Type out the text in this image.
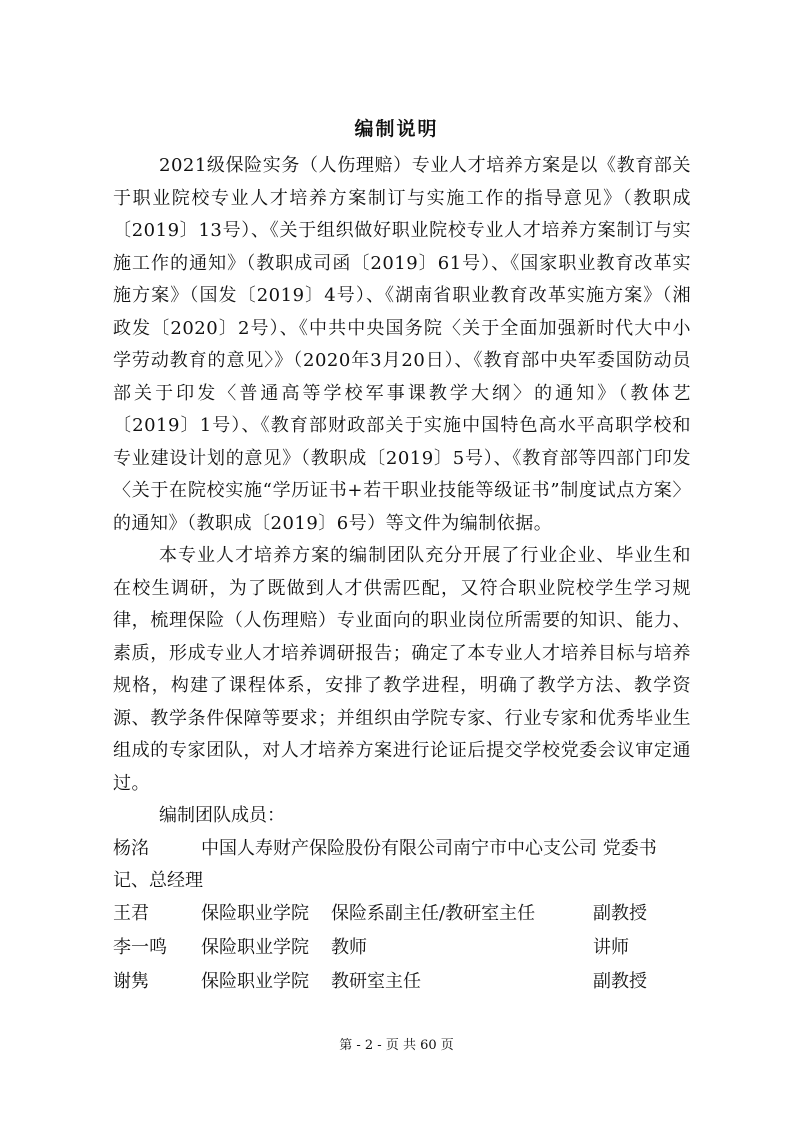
编制说明

2021级保险实务（人伤理赔）专业人才培养方案是以《教育部关于职业院校专业人才培养方案制订与实施工作的指导意见》（教职成〔2019〕13号）、《关于组织做好职业院校专业人才培养方案制订与实施工作的通知》（教职成司函〔2019〕61号）、《国家职业教育改革实施方案》（国发〔2019〕4号）、《湖南省职业教育改革实施方案》（湘政发〔2020〕2号）、《中共中央国务院〈关于全面加强新时代大中小学劳动教育的意见〉》（2020年3月20日）、《教育部中央军委国防动员部关于印发〈普通高等学校军事课教学大纲〉的通知》（教体艺〔2019〕1号）、《教育部财政部关于实施中国特色高水平高职学校和专业建设计划的意见》（教职成〔2019〕5号）、《教育部等四部门印发〈关于在院校实施“学历证书+若干职业技能等级证书”制度试点方案〉的通知》（教职成〔2019〕6号）等文件为编制依据。

本专业人才培养方案的编制团队充分开展了行业企业、毕业生和在校生调研，为了既做到人才供需匹配，又符合职业院校学生学习规律，梳理保险（人伤理赔）专业面向的职业岗位所需要的知识、能力、素质，形成专业人才培养调研报告；确定了本专业人才培养目标与培养规格，构建了课程体系，安排了教学进程，明确了教学方法、教学资源、教学条件保障等要求；并组织由学院专家、行业专家和优秀毕业生组成的专家团队，对人才培养方案进行论证后提交学校党委会议审定通过。

编制团队成员：

杨洺	中国人寿财产保险股份有限公司南宁市中心支公司 党委书记、总经理
王君	保险职业学院 保险系副主任/教研室主任	副教授
李一鸣 保险职业学院 教师	讲师
谢隽	保险职业学院 教研室主任	副教授
第 - 2 - 页 共 60 页
